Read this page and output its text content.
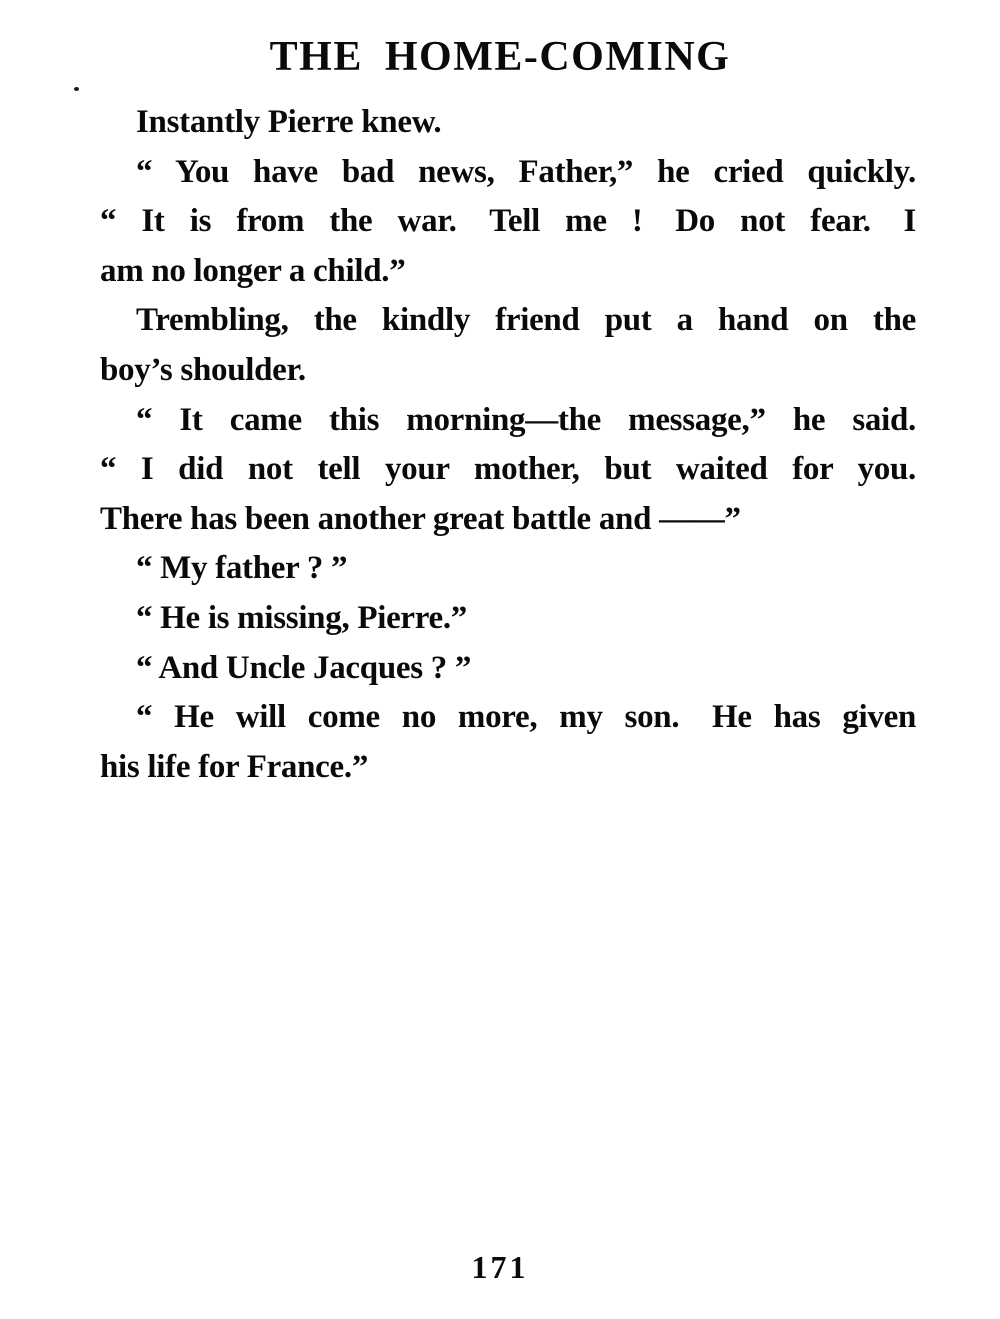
THE HOME-COMING
Instantly Pierre knew.
“ You have bad news, Father,” he cried quickly.
“ It is from the war. Tell me ! Do not fear. I
am no longer a child.”
Trembling, the kindly friend put a hand on the
boy’s shoulder.
“ It came this morning—the message,” he said.
“ I did not tell your mother, but waited for you.
There has been another great battle and ——”
“ My father ? ”
“ He is missing, Pierre.”
“ And Uncle Jacques ? ”
“ He will come no more, my son. He has given
his life for France.”
171
